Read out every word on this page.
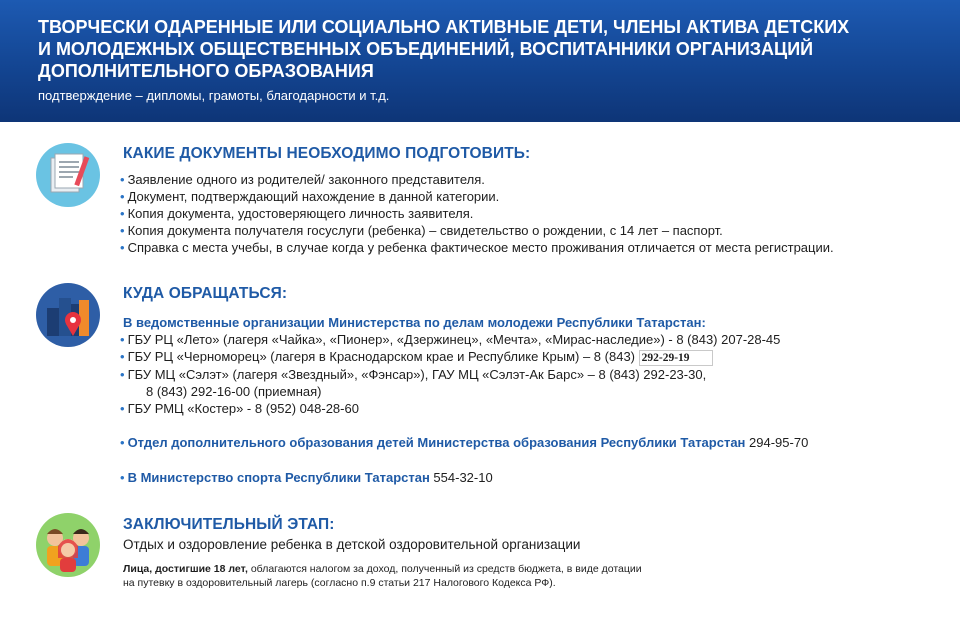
ТВОРЧЕСКИ ОДАРЕННЫЕ ИЛИ СОЦИАЛЬНО АКТИВНЫЕ ДЕТИ, ЧЛЕНЫ АКТИВА ДЕТСКИХ
И МОЛОДЕЖНЫХ ОБЩЕСТВЕННЫХ ОБЪЕДИНЕНИЙ, ВОСПИТАННИКИ ОРГАНИЗАЦИЙ
ДОПОЛНИТЕЛЬНОГО ОБРАЗОВАНИЯ
подтверждение – дипломы, грамоты, благодарности и т.д.
КАКИЕ ДОКУМЕНТЫ НЕОБХОДИМО ПОДГОТОВИТЬ:
• Заявление одного из родителей/ законного представителя.
• Документ, подтверждающий нахождение в данной категории.
• Копия документа, удостоверяющего личность заявителя.
• Копия документа получателя госуслуги (ребенка) – свидетельство о рождении, с 14 лет – паспорт.
• Справка с места учебы, в случае когда у ребенка фактическое место проживания отличается от места регистрации.
КУДА ОБРАЩАТЬСЯ:
В ведомственные организации Министерства по делам молодежи Республики Татарстан:
• ГБУ РЦ «Лето» (лагеря «Чайка», «Пионер», «Дзержинец», «Мечта», «Мирас-наследие») - 8 (843) 207-28-45
• ГБУ РЦ «Черноморец» (лагеря в Краснодарском крае и Республике Крым) – 8 (843) 292-29-19
• ГБУ МЦ «Сэлэт» (лагеря «Звездный», «Фэнсар»), ГАУ МЦ «Сэлэт-Ак Барс» – 8 (843) 292-23-30,
8 (843) 292-16-00 (приемная)
• ГБУ РМЦ «Костер» - 8 (952) 048-28-60
• Отдел дополнительного образования детей Министерства образования Республики Татарстан 294-95-70
• В Министерство спорта Республики Татарстан 554-32-10
ЗАКЛЮЧИТЕЛЬНЫЙ ЭТАП:
Отдых и оздоровление ребенка в детской оздоровительной организации
Лица, достигшие 18 лет, облагаются налогом за доход, полученный из средств бюджета, в виде дотации
на путевку в оздоровительный лагерь (согласно п.9 статьи 217 Налогового Кодекса РФ).
